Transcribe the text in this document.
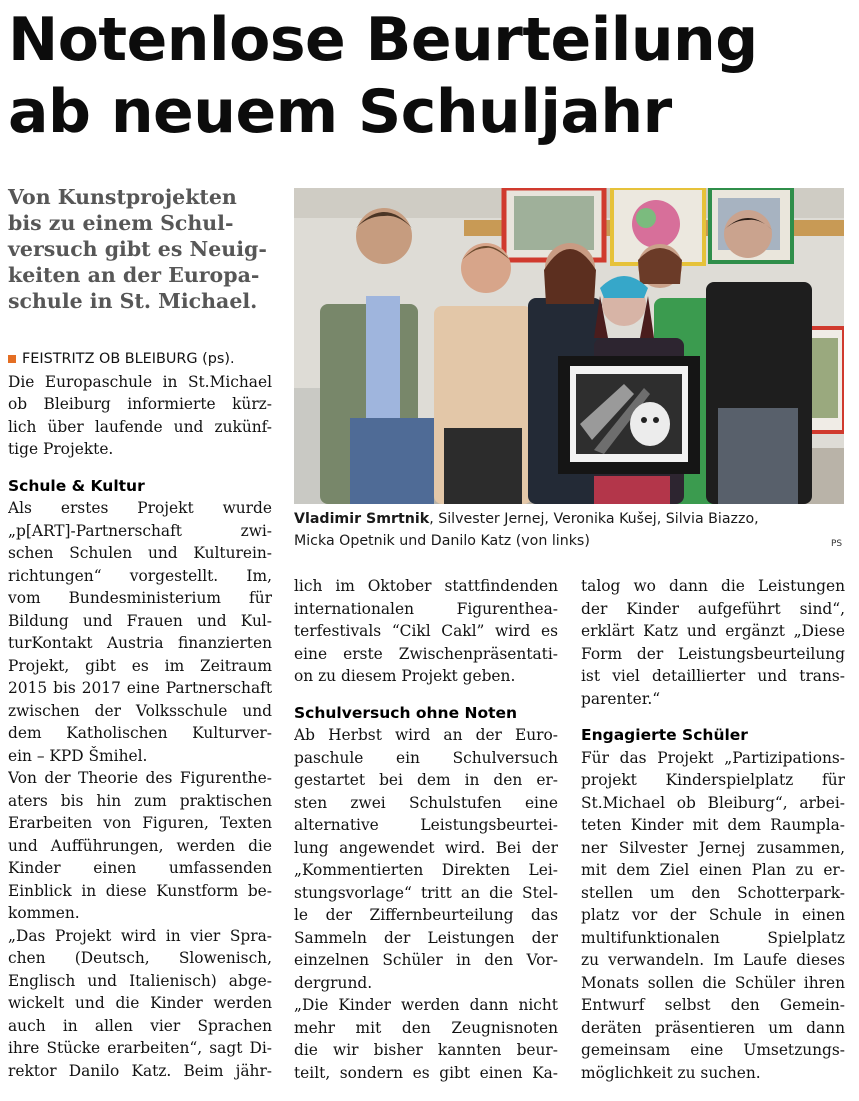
Notenlose Beurteilung
ab neuem Schuljahr
Von Kunstprojekten
bis zu einem Schul-
versuch gibt es Neuig-
keiten an der Europa-
schule in St. Michael.
Vladimir Smrtnik, Silvester Jernej, Veronika Kušej, Silvia Biazzo,
Micka Opetnik und Danilo Katz (von links)	PS
FEISTRITZ OB BLEIBURG (ps).
Die Europaschule in St.Michael
ob Bleiburg informierte kürz-
lich über laufende und zukünf-
tige Projekte.
Schule & Kultur
Als erstes Projekt wurde
„p[ART]-Partnerschaft zwi-
schen Schulen und Kulturein-
richtungen“ vorgestellt. Im,
vom Bundesministerium für
Bildung und Frauen und Kul-
turKontakt Austria finanzierten
Projekt, gibt es im Zeitraum
2015 bis 2017 eine Partnerschaft
zwischen der Volksschule und
dem Katholischen Kulturver-
ein – KPD Šmihel.
Von der Theorie des Figurenthe-
aters bis hin zum praktischen
Erarbeiten von Figuren, Texten
und Aufführungen, werden die
Kinder einen umfassenden
Einblick in diese Kunstform be-
kommen.
„Das Projekt wird in vier Spra-
chen (Deutsch, Slowenisch,
Englisch und Italienisch) abge-
wickelt und die Kinder werden
auch in allen vier Sprachen
ihre Stücke erarbeiten“, sagt Di-
rektor Danilo Katz. Beim jähr-
lich im Oktober stattfindenden
internationalen Figurenthea-
terfestivals “Cikl Cakl” wird es
eine erste Zwischenpräsentati-
on zu diesem Projekt geben.
Schulversuch ohne Noten
Ab Herbst wird an der Euro-
paschule ein Schulversuch
gestartet bei dem in den er-
sten zwei Schulstufen eine
alternative Leistungsbeurtei-
lung angewendet wird. Bei der
„Kommentierten Direkten Lei-
stungsvorlage“ tritt an die Stel-
le der Ziffernbeurteilung das
Sammeln der Leistungen der
einzelnen Schüler in den Vor-
dergrund.
„Die Kinder werden dann nicht
mehr mit den Zeugnisnoten
die wir bisher kannten beur-
teilt, sondern es gibt einen Ka-
talog wo dann die Leistungen
der Kinder aufgeführt sind“,
erklärt Katz und ergänzt „Diese
Form der Leistungsbeurteilung
ist viel detaillierter und trans-
parenter.“
Engagierte Schüler
Für das Projekt „Partizipations-
projekt Kinderspielplatz für
St.Michael ob Bleiburg“, arbei-
teten Kinder mit dem Raumpla-
ner Silvester Jernej zusammen,
mit dem Ziel einen Plan zu er-
stellen um den Schotterpark-
platz vor der Schule in einen
multifunktionalen Spielplatz
zu verwandeln. Im Laufe dieses
Monats sollen die Schüler ihren
Entwurf selbst den Gemein-
deräten präsentieren um dann
gemeinsam eine Umsetzungs-
möglichkeit zu suchen.
